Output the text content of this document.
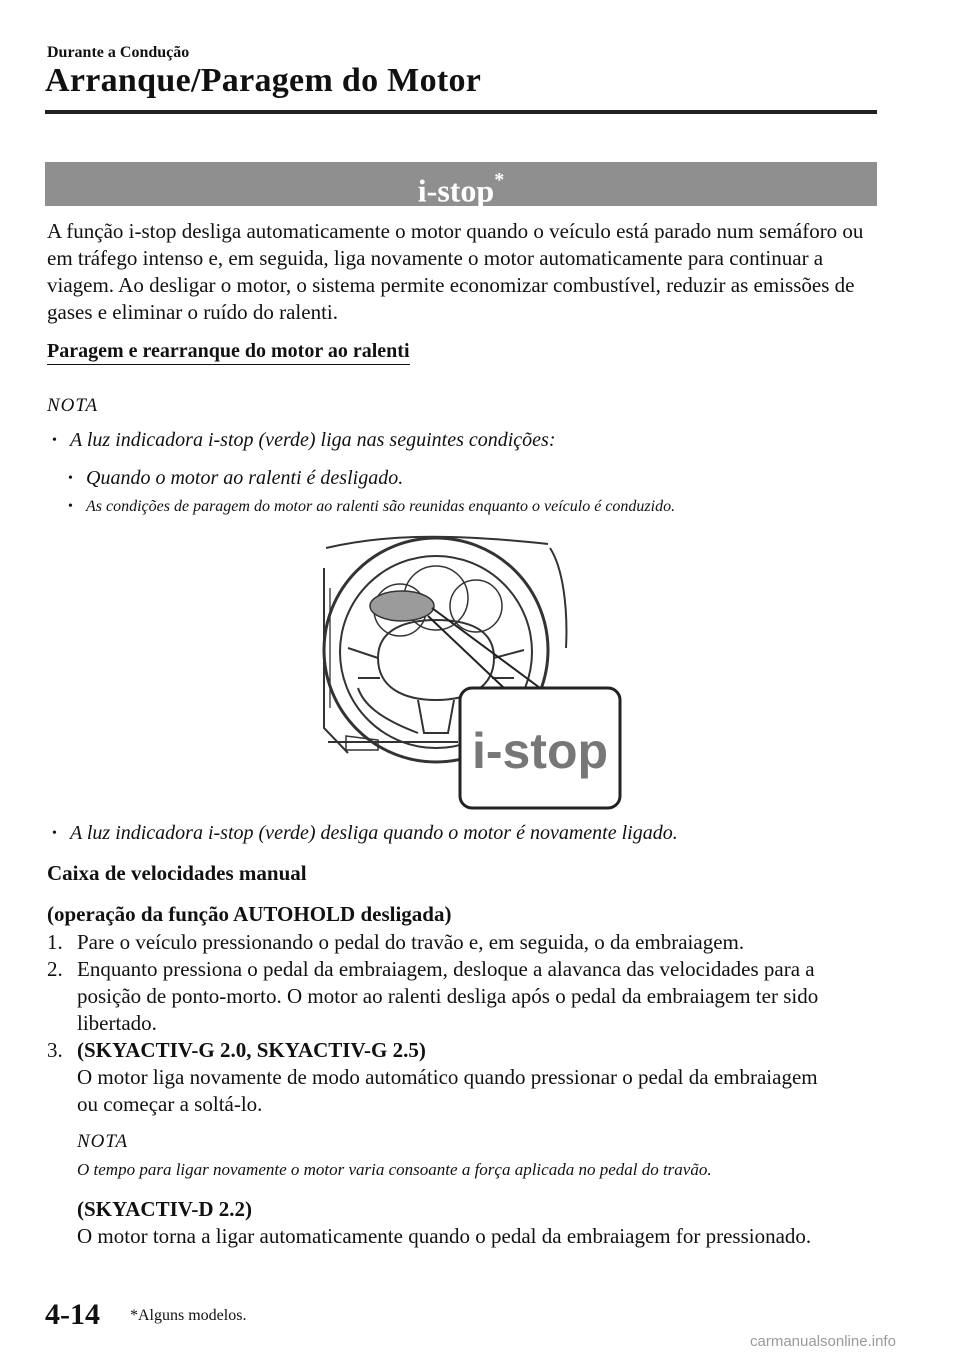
Durante a Condução
Arranque/Paragem do Motor
i-stop*
A função i-stop desliga automaticamente o motor quando o veículo está parado num semáforo ou em tráfego intenso e, em seguida, liga novamente o motor automaticamente para continuar a viagem. Ao desligar o motor, o sistema permite economizar combustível, reduzir as emissões de gases e eliminar o ruído do ralenti.
Paragem e rearranque do motor ao ralenti
NOTA
• A luz indicadora i-stop (verde) liga nas seguintes condições:
• Quando o motor ao ralenti é desligado.
• As condições de paragem do motor ao ralenti são reunidas enquanto o veículo é conduzido.
i-stop
• A luz indicadora i-stop (verde) desliga quando o motor é novamente ligado.
Caixa de velocidades manual
(operação da função AUTOHOLD desligada)
1. Pare o veículo pressionando o pedal do travão e, em seguida, o da embraiagem.
2. Enquanto pressiona o pedal da embraiagem, desloque a alavanca das velocidades para a
posição de ponto-morto. O motor ao ralenti desliga após o pedal da embraiagem ter sido
libertado.
3. (SKYACTIV-G 2.0, SKYACTIV-G 2.5)
O motor liga novamente de modo automático quando pressionar o pedal da embraiagem
ou começar a soltá-lo.
NOTA
O tempo para ligar novamente o motor varia consoante a força aplicada no pedal do travão.
(SKYACTIV-D 2.2)
O motor torna a ligar automaticamente quando o pedal da embraiagem for pressionado.
4-14 *Alguns modelos.
carmanualsonline.info
